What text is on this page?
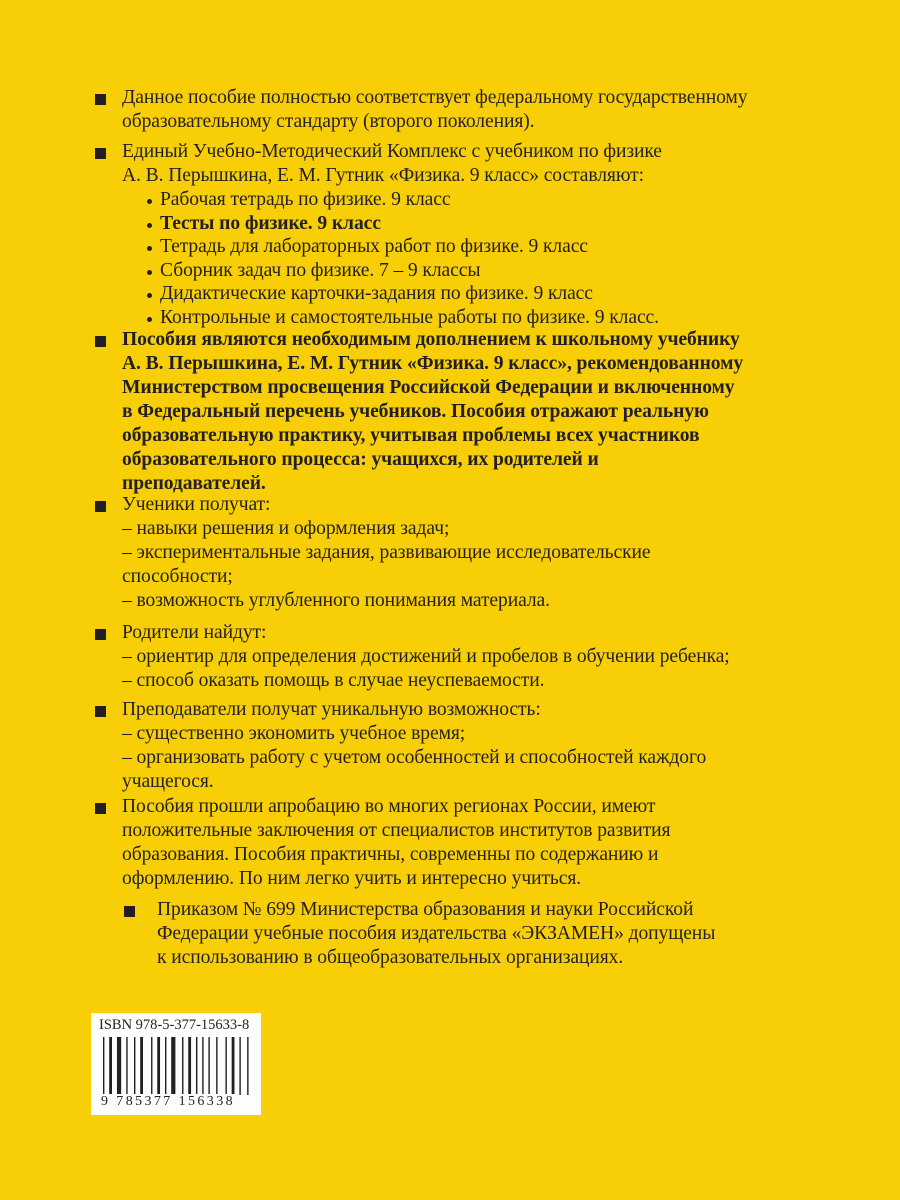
Данное пособие полностью соответствует федеральному государственному
образовательному стандарту (второго поколения).
Единый Учебно-Методический Комплекс с учебником по физике
А. В. Перышкина, Е. М. Гутник «Физика. 9 класс» составляют:
Рабочая тетрадь по физике. 9 класс
Тесты по физике. 9 класс
Тетрадь для лабораторных работ по физике. 9 класс
Сборник задач по физике. 7 – 9 классы
Дидактические карточки-задания по физике. 9 класс
Контрольные и самостоятельные работы по физике. 9 класс.
Пособия являются необходимым дополнением к школьному учебнику
А. В. Перышкина, Е. М. Гутник «Физика. 9 класс», рекомендованному
Министерством просвещения Российской Федерации и включенному
в Федеральный перечень учебников. Пособия отражают реальную
образовательную практику, учитывая проблемы всех участников
образовательного процесса: учащихся, их родителей и
преподавателей.
Ученики получат:
– навыки решения и оформления задач;
– экспериментальные задания, развивающие исследовательские
способности;
– возможность углубленного понимания материала.
Родители найдут:
– ориентир для определения достижений и пробелов в обучении ребенка;
– способ оказать помощь в случае неуспеваемости.
Преподаватели получат уникальную возможность:
– существенно экономить учебное время;
– организовать работу с учетом особенностей и способностей каждого
учащегося.
Пособия прошли апробацию во многих регионах России, имеют
положительные заключения от специалистов институтов развития
образования. Пособия практичны, современны по содержанию и
оформлению. По ним легко учить и интересно учиться.
Приказом № 699 Министерства образования и науки Российской
Федерации учебные пособия издательства «ЭКЗАМЕН» допущены
к использованию в общеобразовательных организациях.
ISBN 978-5-377-15633-8
9 785377 156338
